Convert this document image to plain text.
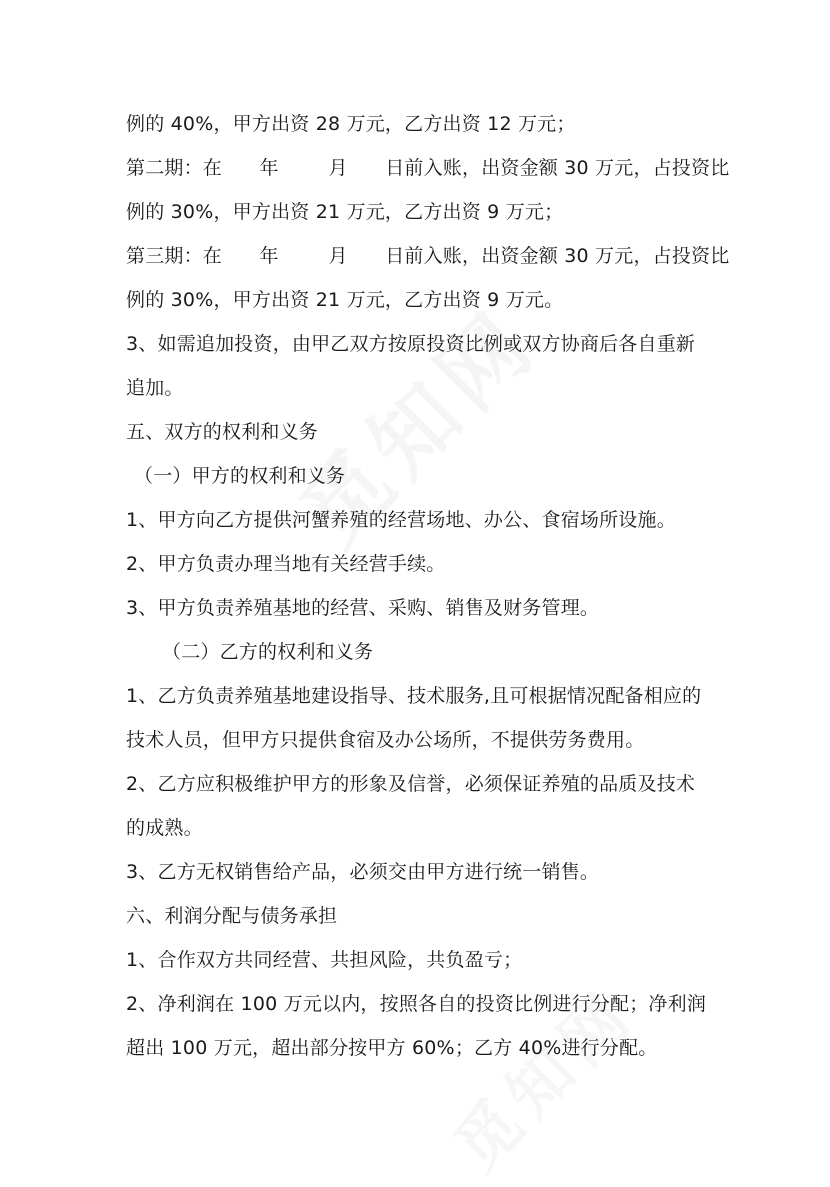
例的 40%，甲方出资 28 万元，乙方出资 12 万元；
第二期：在      年        月      日前入账，出资金额 30 万元，占投资比
例的 30%，甲方出资 21 万元，乙方出资 9 万元；
第三期：在      年        月      日前入账，出资金额 30 万元，占投资比
例的 30%，甲方出资 21 万元，乙方出资 9 万元。
3、如需追加投资，由甲乙双方按原投资比例或双方协商后各自重新
追加。
五、双方的权利和义务
（一）甲方的权利和义务
1、甲方向乙方提供河蟹养殖的经营场地、办公、食宿场所设施。
2、甲方负责办理当地有关经营手续。
3、甲方负责养殖基地的经营、采购、销售及财务管理。
（二）乙方的权利和义务
1、乙方负责养殖基地建设指导、技术服务,且可根据情况配备相应的
技术人员，但甲方只提供食宿及办公场所，不提供劳务费用。
2、乙方应积极维护甲方的形象及信誉，必须保证养殖的品质及技术
的成熟。
3、乙方无权销售给产品，必须交由甲方进行统一销售。
六、利润分配与债务承担
1、合作双方共同经营、共担风险，共负盈亏；
2、净利润在 100 万元以内，按照各自的投资比例进行分配；净利润
超出 100 万元，超出部分按甲方 60%；乙方 40%进行分配。
